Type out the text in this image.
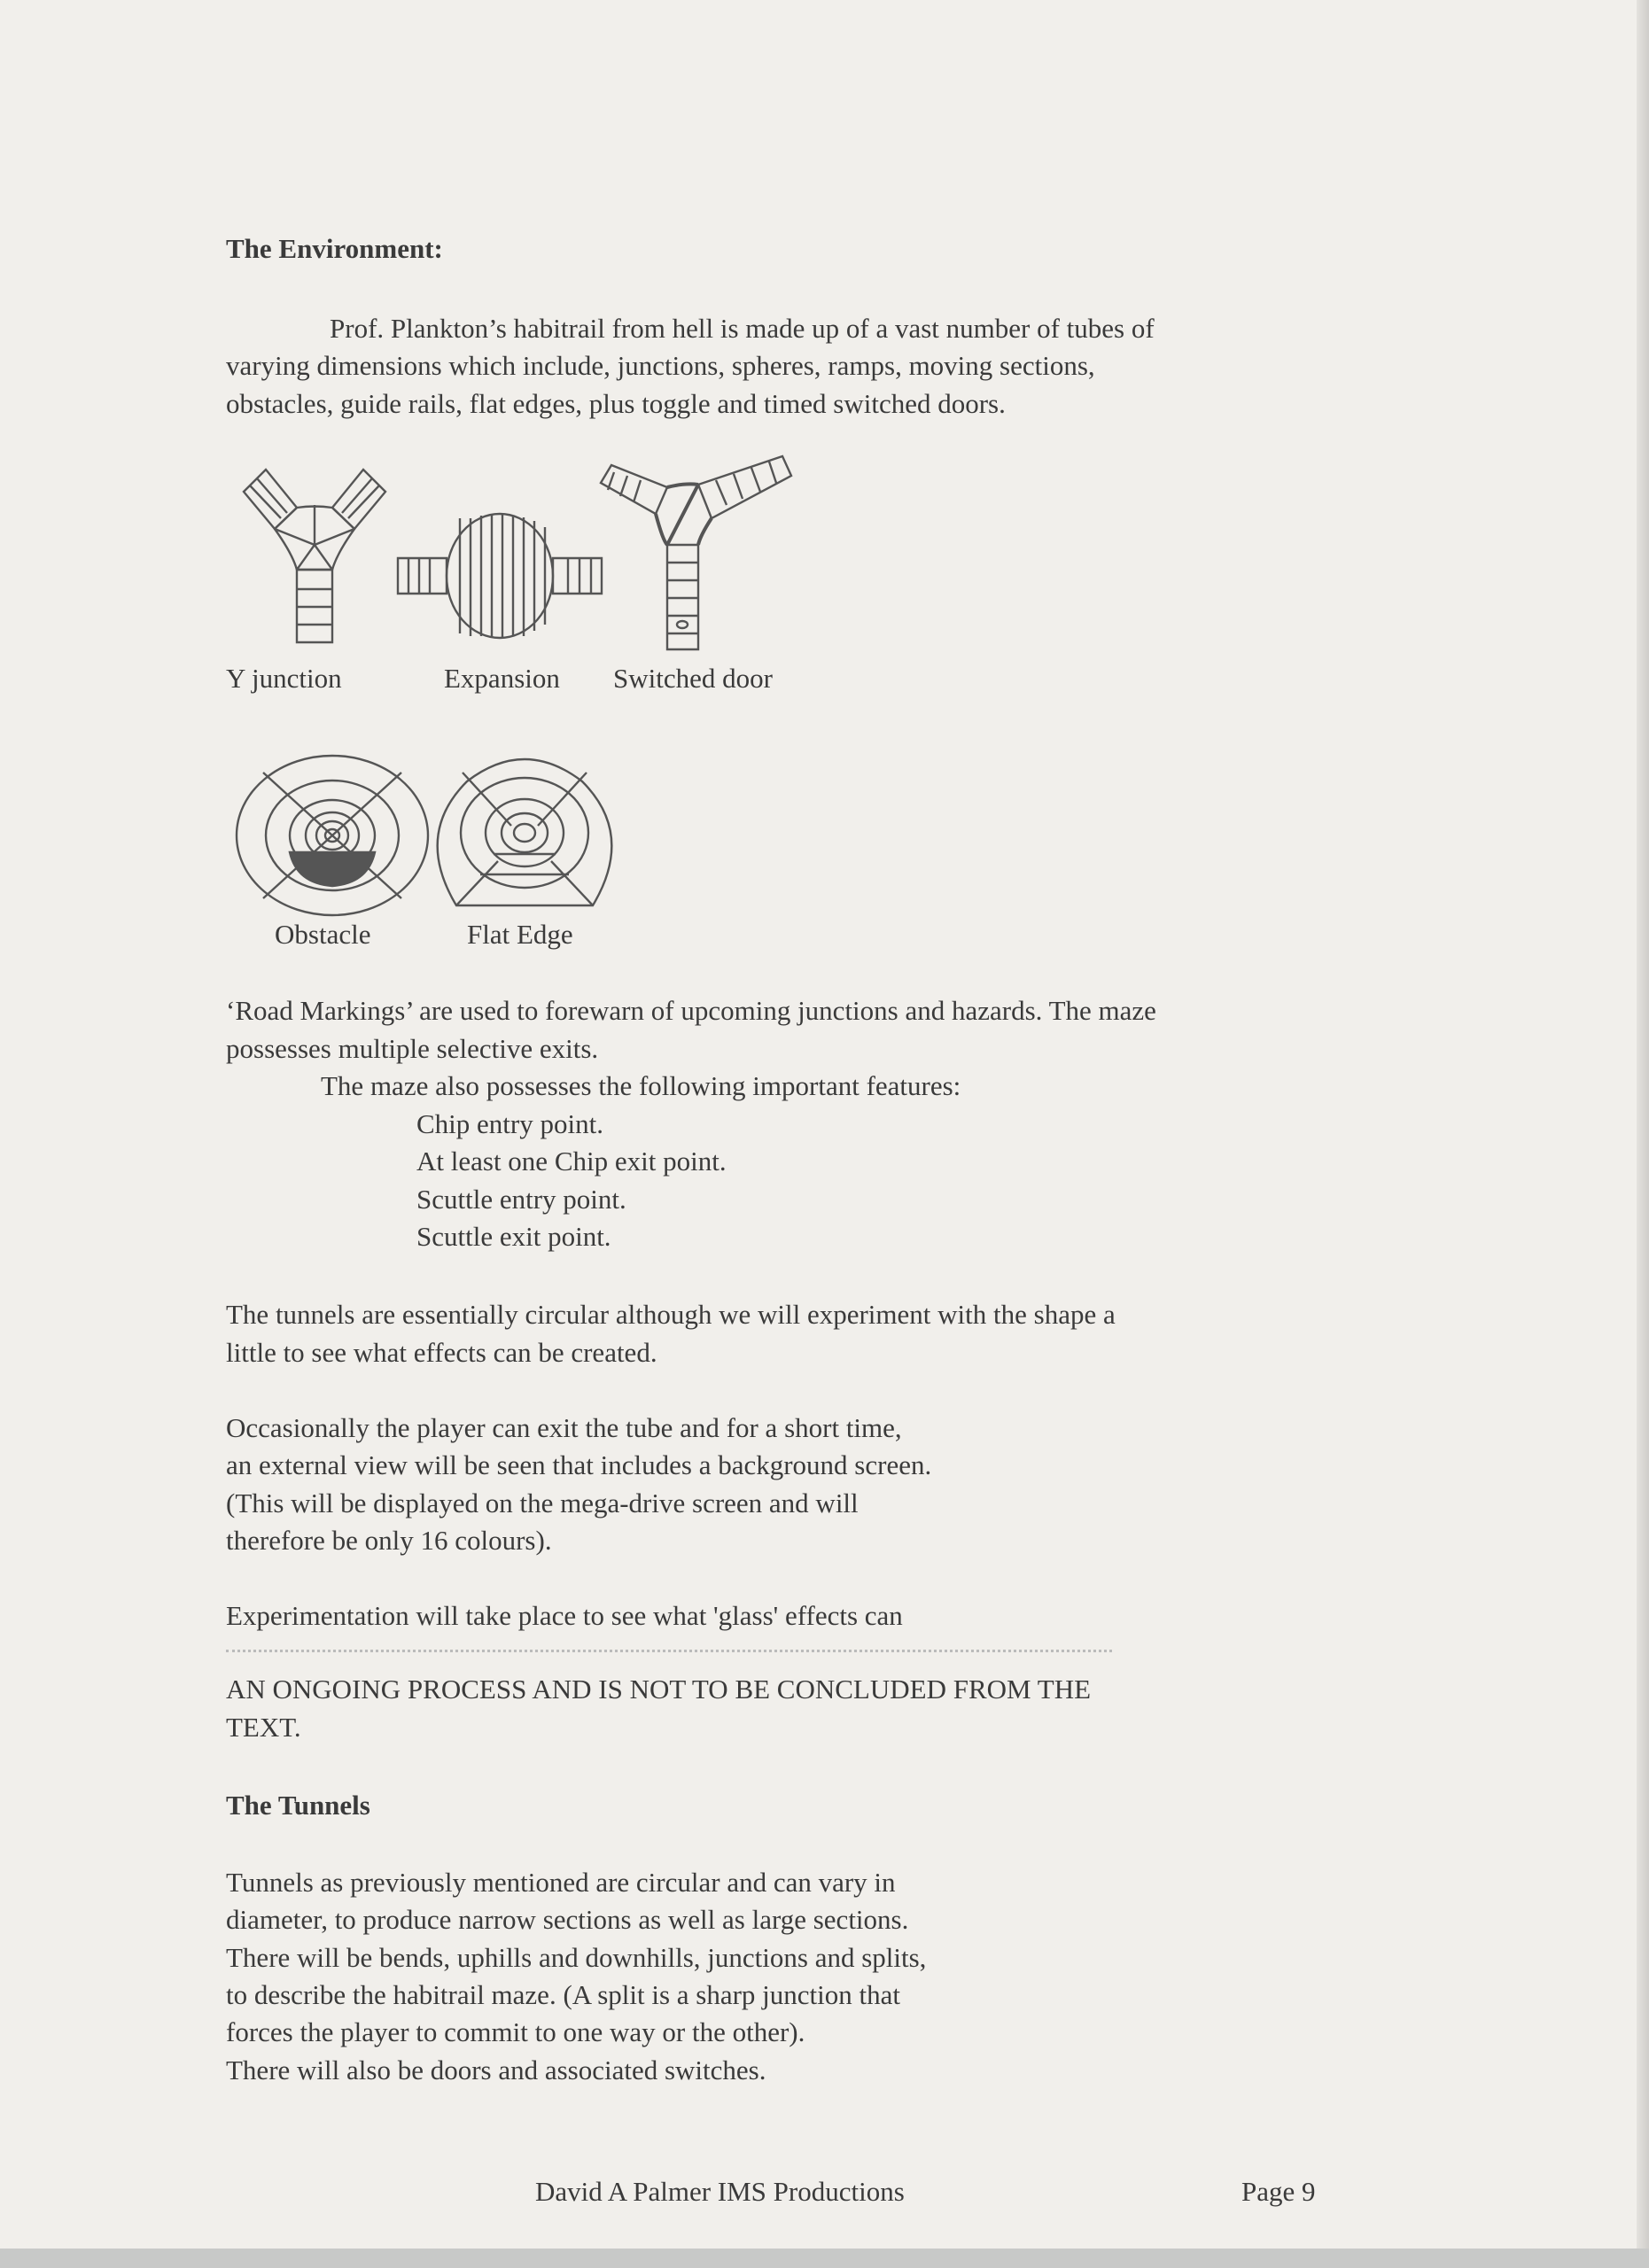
The Environment:
Prof. Plankton’s habitrail from hell is made up of a vast number of tubes of
varying dimensions which include, junctions, spheres, ramps, moving sections,
obstacles, guide rails, flat edges, plus toggle and timed switched doors.
Y junction	Expansion Switched door
Obstacle	Flat Edge
‘Road Markings’ are used to forewarn of upcoming junctions and hazards. The maze
possesses multiple selective exits.
The maze also possesses the following important features:
Chip entry point.
At least one Chip exit point.
Scuttle entry point.
Scuttle exit point.
The tunnels are essentially circular although we will experiment with the shape a
little to see what effects can be created.
Occasionally the player can exit the tube and for a short time,
an external view will be seen that includes a background screen.
(This will be displayed on the mega-drive screen and will
therefore be only 16 colours).
Experimentation will take place to see what 'glass' effects can
AN ONGOING PROCESS AND IS NOT TO BE CONCLUDED FROM THE
TEXT.
The Tunnels
Tunnels as previously mentioned are circular and can vary in
diameter, to produce narrow sections as well as large sections.
There will be bends, uphills and downhills, junctions and splits,
to describe the habitrail maze. (A split is a sharp junction that
forces the player to commit to one way or the other).
There will also be doors and associated switches.
David A Palmer IMS Productions	Page 9
